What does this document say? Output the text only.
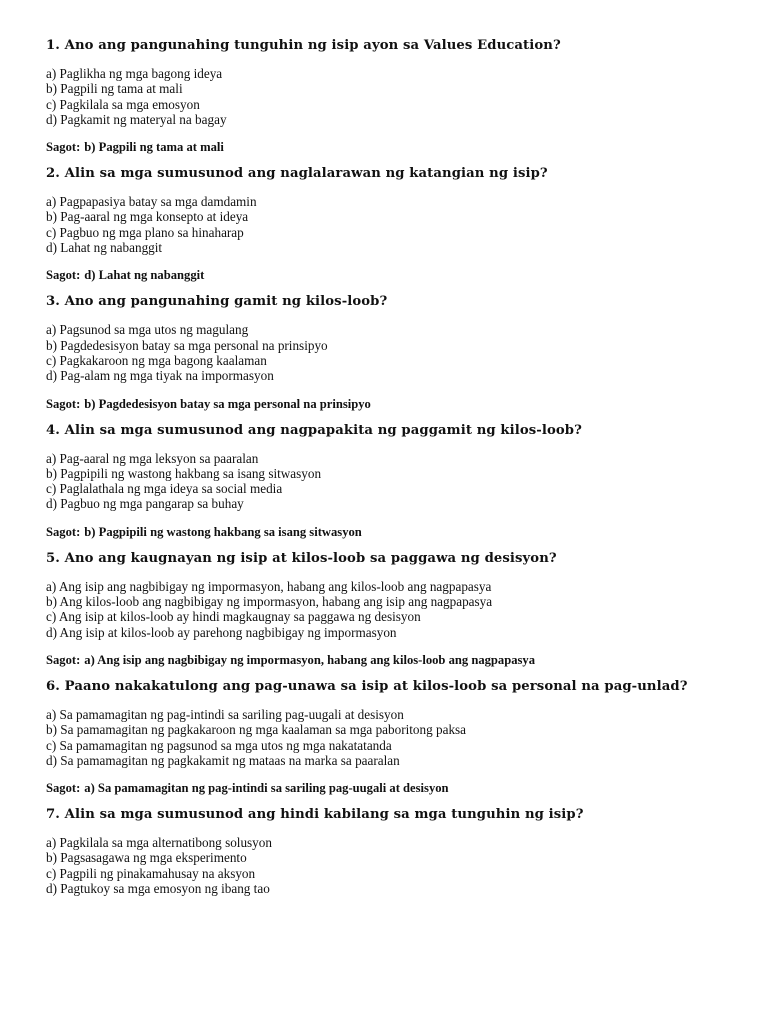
1. Ano ang pangunahing tunguhin ng isip ayon sa Values Education?

a) Paglikha ng mga bagong ideya
b) Pagpili ng tama at mali
c) Pagkilala sa mga emosyon
d) Pagkamit ng materyal na bagay

Sagot: b) Pagpili ng tama at mali

2. Alin sa mga sumusunod ang naglalarawan ng katangian ng isip?

a) Pagpapasiya batay sa mga damdamin
b) Pag-aaral ng mga konsepto at ideya
c) Pagbuo ng mga plano sa hinaharap
d) Lahat ng nabanggit

Sagot: d) Lahat ng nabanggit

3. Ano ang pangunahing gamit ng kilos-loob?

a) Pagsunod sa mga utos ng magulang
b) Pagdedesisyon batay sa mga personal na prinsipyo
c) Pagkakaroon ng mga bagong kaalaman
d) Pag-alam ng mga tiyak na impormasyon

Sagot: b) Pagdedesisyon batay sa mga personal na prinsipyo

4. Alin sa mga sumusunod ang nagpapakita ng paggamit ng kilos-loob?

a) Pag-aaral ng mga leksyon sa paaralan
b) Pagpipili ng wastong hakbang sa isang sitwasyon
c) Paglalathala ng mga ideya sa social media
d) Pagbuo ng mga pangarap sa buhay

Sagot: b) Pagpipili ng wastong hakbang sa isang sitwasyon

5. Ano ang kaugnayan ng isip at kilos-loob sa paggawa ng desisyon?

a) Ang isip ang nagbibigay ng impormasyon, habang ang kilos-loob ang nagpapasya
b) Ang kilos-loob ang nagbibigay ng impormasyon, habang ang isip ang nagpapasya
c) Ang isip at kilos-loob ay hindi magkaugnay sa paggawa ng desisyon
d) Ang isip at kilos-loob ay parehong nagbibigay ng impormasyon

Sagot: a) Ang isip ang nagbibigay ng impormasyon, habang ang kilos-loob ang nagpapasya

6. Paano nakakatulong ang pag-unawa sa isip at kilos-loob sa personal na pag-unlad?

a) Sa pamamagitan ng pag-intindi sa sariling pag-uugali at desisyon
b) Sa pamamagitan ng pagkakaroon ng mga kaalaman sa mga paboritong paksa
c) Sa pamamagitan ng pagsunod sa mga utos ng mga nakatatanda
d) Sa pamamagitan ng pagkakamit ng mataas na marka sa paaralan

Sagot: a) Sa pamamagitan ng pag-intindi sa sariling pag-uugali at desisyon

7. Alin sa mga sumusunod ang hindi kabilang sa mga tunguhin ng isip?

a) Pagkilala sa mga alternatibong solusyon
b) Pagsasagawa ng mga eksperimento
c) Pagpili ng pinakamahusay na aksyon
d) Pagtukoy sa mga emosyon ng ibang tao
